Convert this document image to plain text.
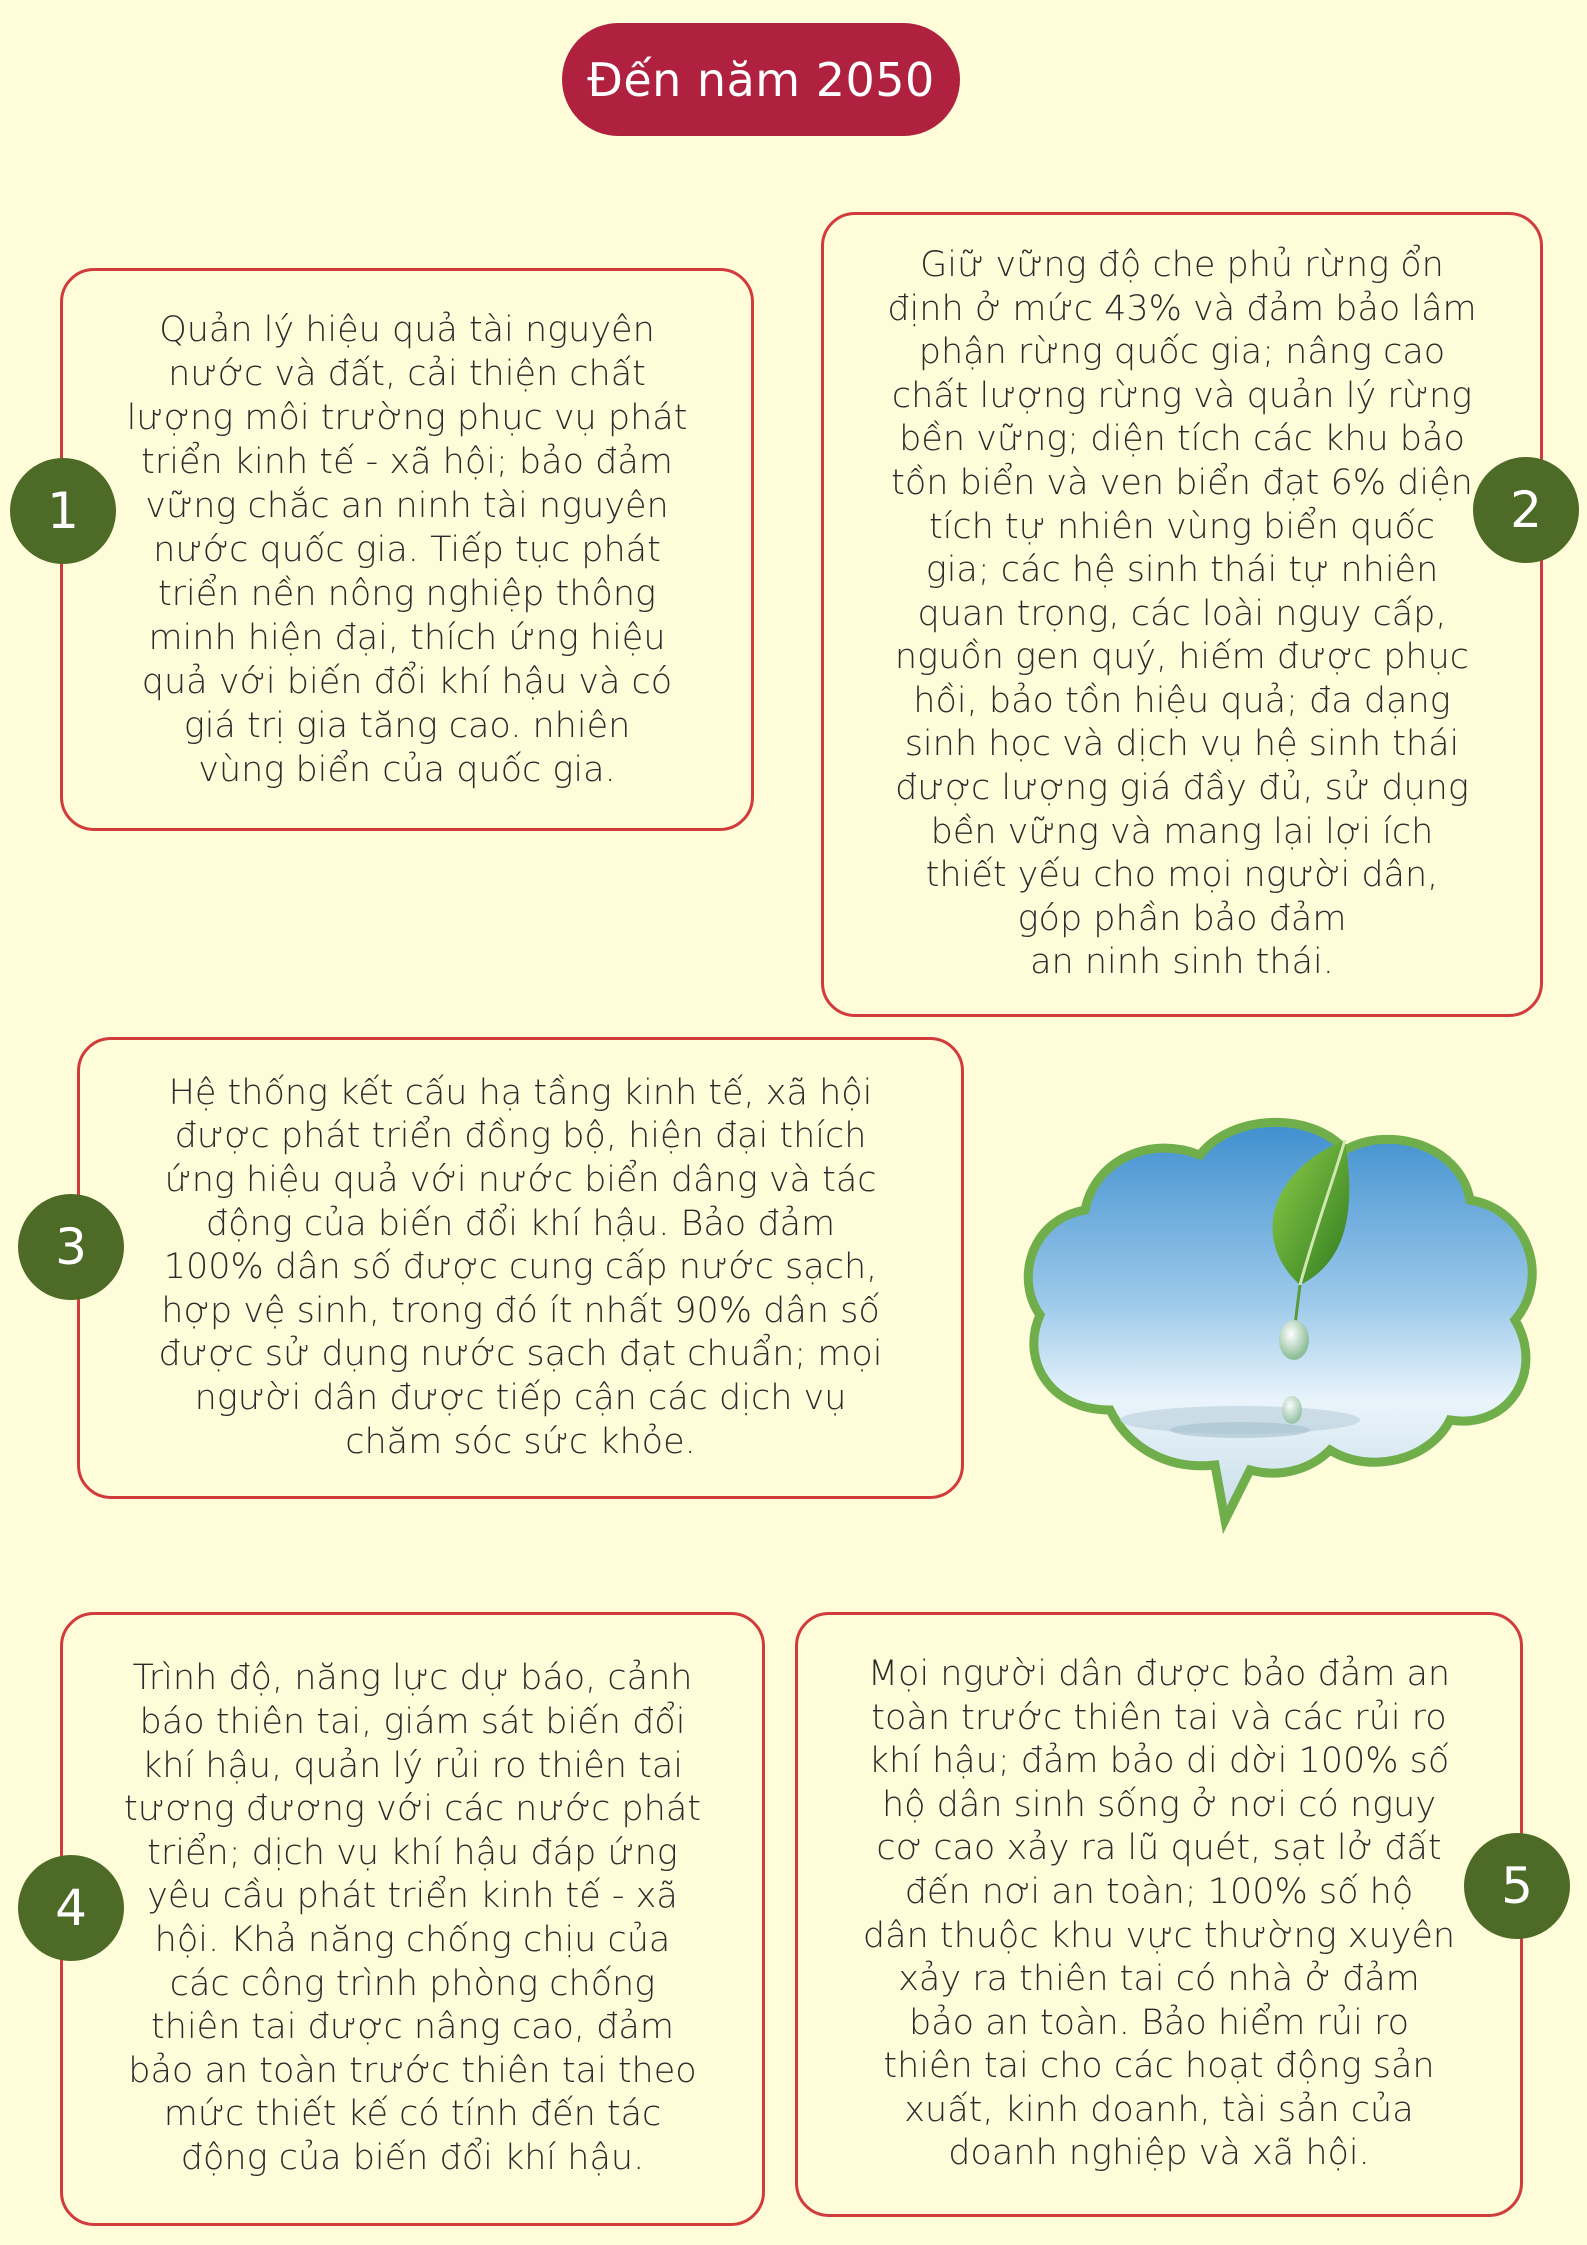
Đến năm 2050
Quản lý hiệu quả tài nguyên
nước và đất, cải thiện chất
lượng môi trường phục vụ phát
triển kinh tế - xã hội; bảo đảm
vững chắc an ninh tài nguyên
nước quốc gia. Tiếp tục phát
triển nền nông nghiệp thông
minh hiện đại, thích ứng hiệu
quả với biến đổi khí hậu và có
giá trị gia tăng cao. nhiên
vùng biển của quốc gia.
1
Giữ vững độ che phủ rừng ổn
định ở mức 43% và đảm bảo lâm
phận rừng quốc gia; nâng cao
chất lượng rừng và quản lý rừng
bền vững; diện tích các khu bảo
tồn biển và ven biển đạt 6% diện
tích tự nhiên vùng biển quốc
gia; các hệ sinh thái tự nhiên
quan trọng, các loài nguy cấp,
nguồn gen quý, hiếm được phục
hồi, bảo tồn hiệu quả; đa dạng
sinh học và dịch vụ hệ sinh thái
được lượng giá đầy đủ, sử dụng
bền vững và mang lại lợi ích
thiết yếu cho mọi người dân,
góp phần bảo đảm
an ninh sinh thái.
2
Hệ thống kết cấu hạ tầng kinh tế, xã hội
được phát triển đồng bộ, hiện đại thích
ứng hiệu quả với nước biển dâng và tác
động của biến đổi khí hậu. Bảo đảm
100% dân số được cung cấp nước sạch,
hợp vệ sinh, trong đó ít nhất 90% dân số
được sử dụng nước sạch đạt chuẩn; mọi
người dân được tiếp cận các dịch vụ
chăm sóc sức khỏe.
3
Trình độ, năng lực dự báo, cảnh
báo thiên tai, giám sát biến đổi
khí hậu, quản lý rủi ro thiên tai
tương đương với các nước phát
triển; dịch vụ khí hậu đáp ứng
yêu cầu phát triển kinh tế - xã
hội. Khả năng chống chịu của
các công trình phòng chống
thiên tai được nâng cao, đảm
bảo an toàn trước thiên tai theo
mức thiết kế có tính đến tác
động của biến đổi khí hậu.
4
Mọi người dân được bảo đảm an
toàn trước thiên tai và các rủi ro
khí hậu; đảm bảo di dời 100% số
hộ dân sinh sống ở nơi có nguy
cơ cao xảy ra lũ quét, sạt lở đất
đến nơi an toàn; 100% số hộ
dân thuộc khu vực thường xuyên
xảy ra thiên tai có nhà ở đảm
bảo an toàn. Bảo hiểm rủi ro
thiên tai cho các hoạt động sản
xuất, kinh doanh, tài sản của
doanh nghiệp và xã hội.
5
